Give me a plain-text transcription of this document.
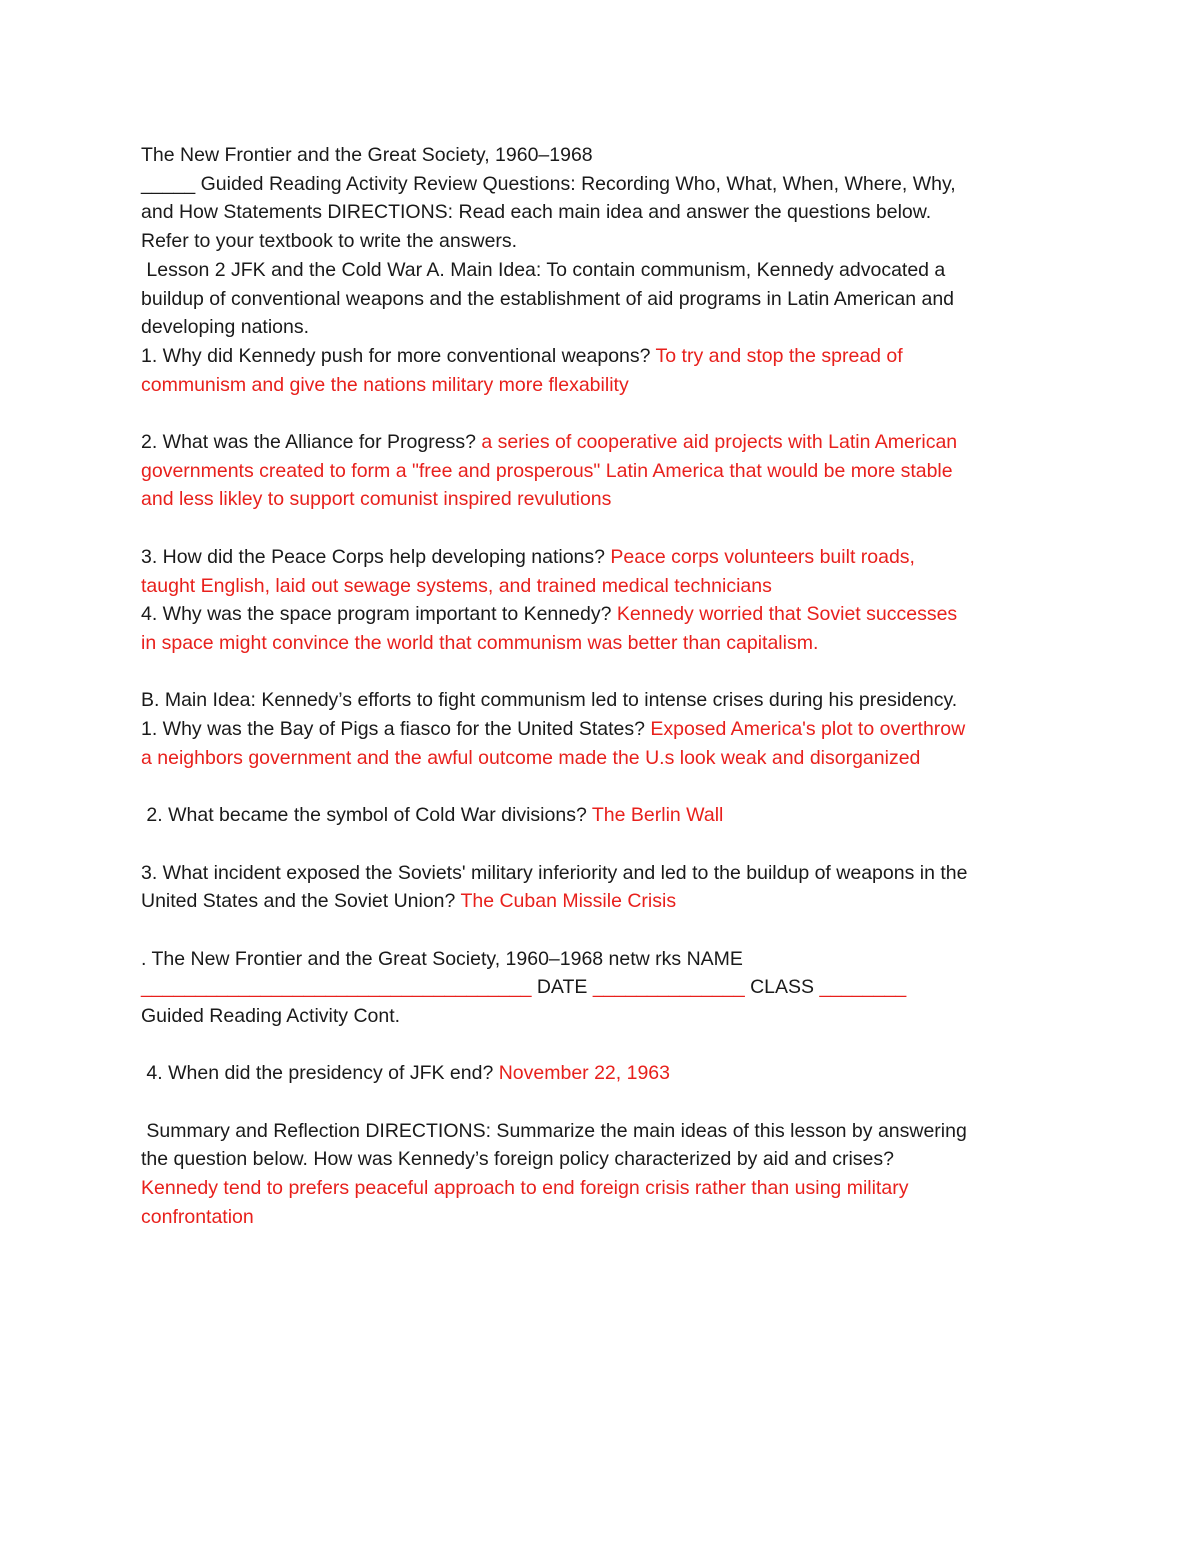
The New Frontier and the Great Society, 1960–1968
_____ Guided Reading Activity Review Questions: Recording Who, What, When, Where, Why,
and How Statements DIRECTIONS: Read each main idea and answer the questions below.
Refer to your textbook to write the answers.
Lesson 2 JFK and the Cold War A. Main Idea: To contain communism, Kennedy advocated a
buildup of conventional weapons and the establishment of aid programs in Latin American and
developing nations.
1. Why did Kennedy push for more conventional weapons? To try and stop the spread of
communism and give the nations military more flexability
2. What was the Alliance for Progress? a series of cooperative aid projects with Latin American
governments created to form a "free and prosperous" Latin America that would be more stable
and less likley to support comunist inspired revulutions
3. How did the Peace Corps help developing nations? Peace corps volunteers built roads,
taught English, laid out sewage systems, and trained medical technicians
4. Why was the space program important to Kennedy? Kennedy worried that Soviet successes
in space might convince the world that communism was better than capitalism.
B. Main Idea: Kennedy’s efforts to fight communism led to intense crises during his presidency.
1. Why was the Bay of Pigs a fiasco for the United States? Exposed America's plot to overthrow
a neighbors government and the awful outcome made the U.s look weak and disorganized
2. What became the symbol of Cold War divisions? The Berlin Wall
3. What incident exposed the Soviets' military inferiority and led to the buildup of weapons in the
United States and the Soviet Union? The Cuban Missile Crisis
. The New Frontier and the Great Society, 1960–1968 netw rks NAME
____________________________________ DATE ______________ CLASS ________
Guided Reading Activity Cont.
4. When did the presidency of JFK end? November 22, 1963
Summary and Reflection DIRECTIONS: Summarize the main ideas of this lesson by answering
the question below. How was Kennedy’s foreign policy characterized by aid and crises?
Kennedy tend to prefers peaceful approach to end foreign crisis rather than using military
confrontation
